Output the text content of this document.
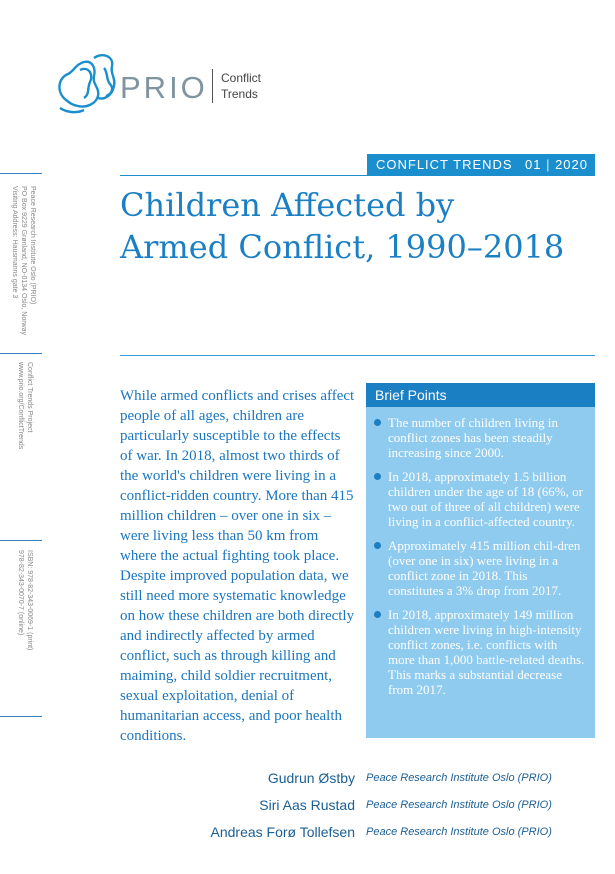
PRIO Conflict
Trends
Peace Research Institute Oslo (PRIO)
PO Box 9229 Grønland, NO-0134 Oslo, Norway
Visiting Address: Hausmanns gate 3
Conflict Trends Project
www.prio.org/ConflictTrends
ISBN: 978-82-343-0069-1 (print)
978-82-343-0070-7 (online)
CONFLICT TRENDS 01 | 2020
Children Affected by
Armed Conflict, 1990–2018

While armed conflicts and crises affect people of all ages, children are particularly susceptible to the effects of war. In 2018, almost two thirds of the world's children were living in a conflict-ridden country. More than 415 million children – over one in six – were living less than 50 km from where the actual fighting took place. Despite improved population data, we still need more systematic knowledge on how these children are both directly and indirectly affected by armed conflict, such as through killing and maiming, child soldier recruitment, sexual exploitation, denial of humanitarian access, and poor health conditions.

Brief Points
The number of children living in conflict zones has been steadily increasing since 2000.
In 2018, approximately 1.5 billion children under the age of 18 (66%, or two out of three of all children) were living in a conflict-affected country.
Approximately 415 million chil-dren (over one in six) were living in a conflict zone in 2018. This constitutes a 3% drop from 2017.
In 2018, approximately 149 million children were living in high-intensity conflict zones, i.e. conflicts with more than 1,000 battle-related deaths. This marks a substantial decrease from 2017.
Gudrun Østby Peace Research Institute Oslo (PRIO)
Siri Aas Rustad Peace Research Institute Oslo (PRIO)
Andreas Forø Tollefsen Peace Research Institute Oslo (PRIO)
